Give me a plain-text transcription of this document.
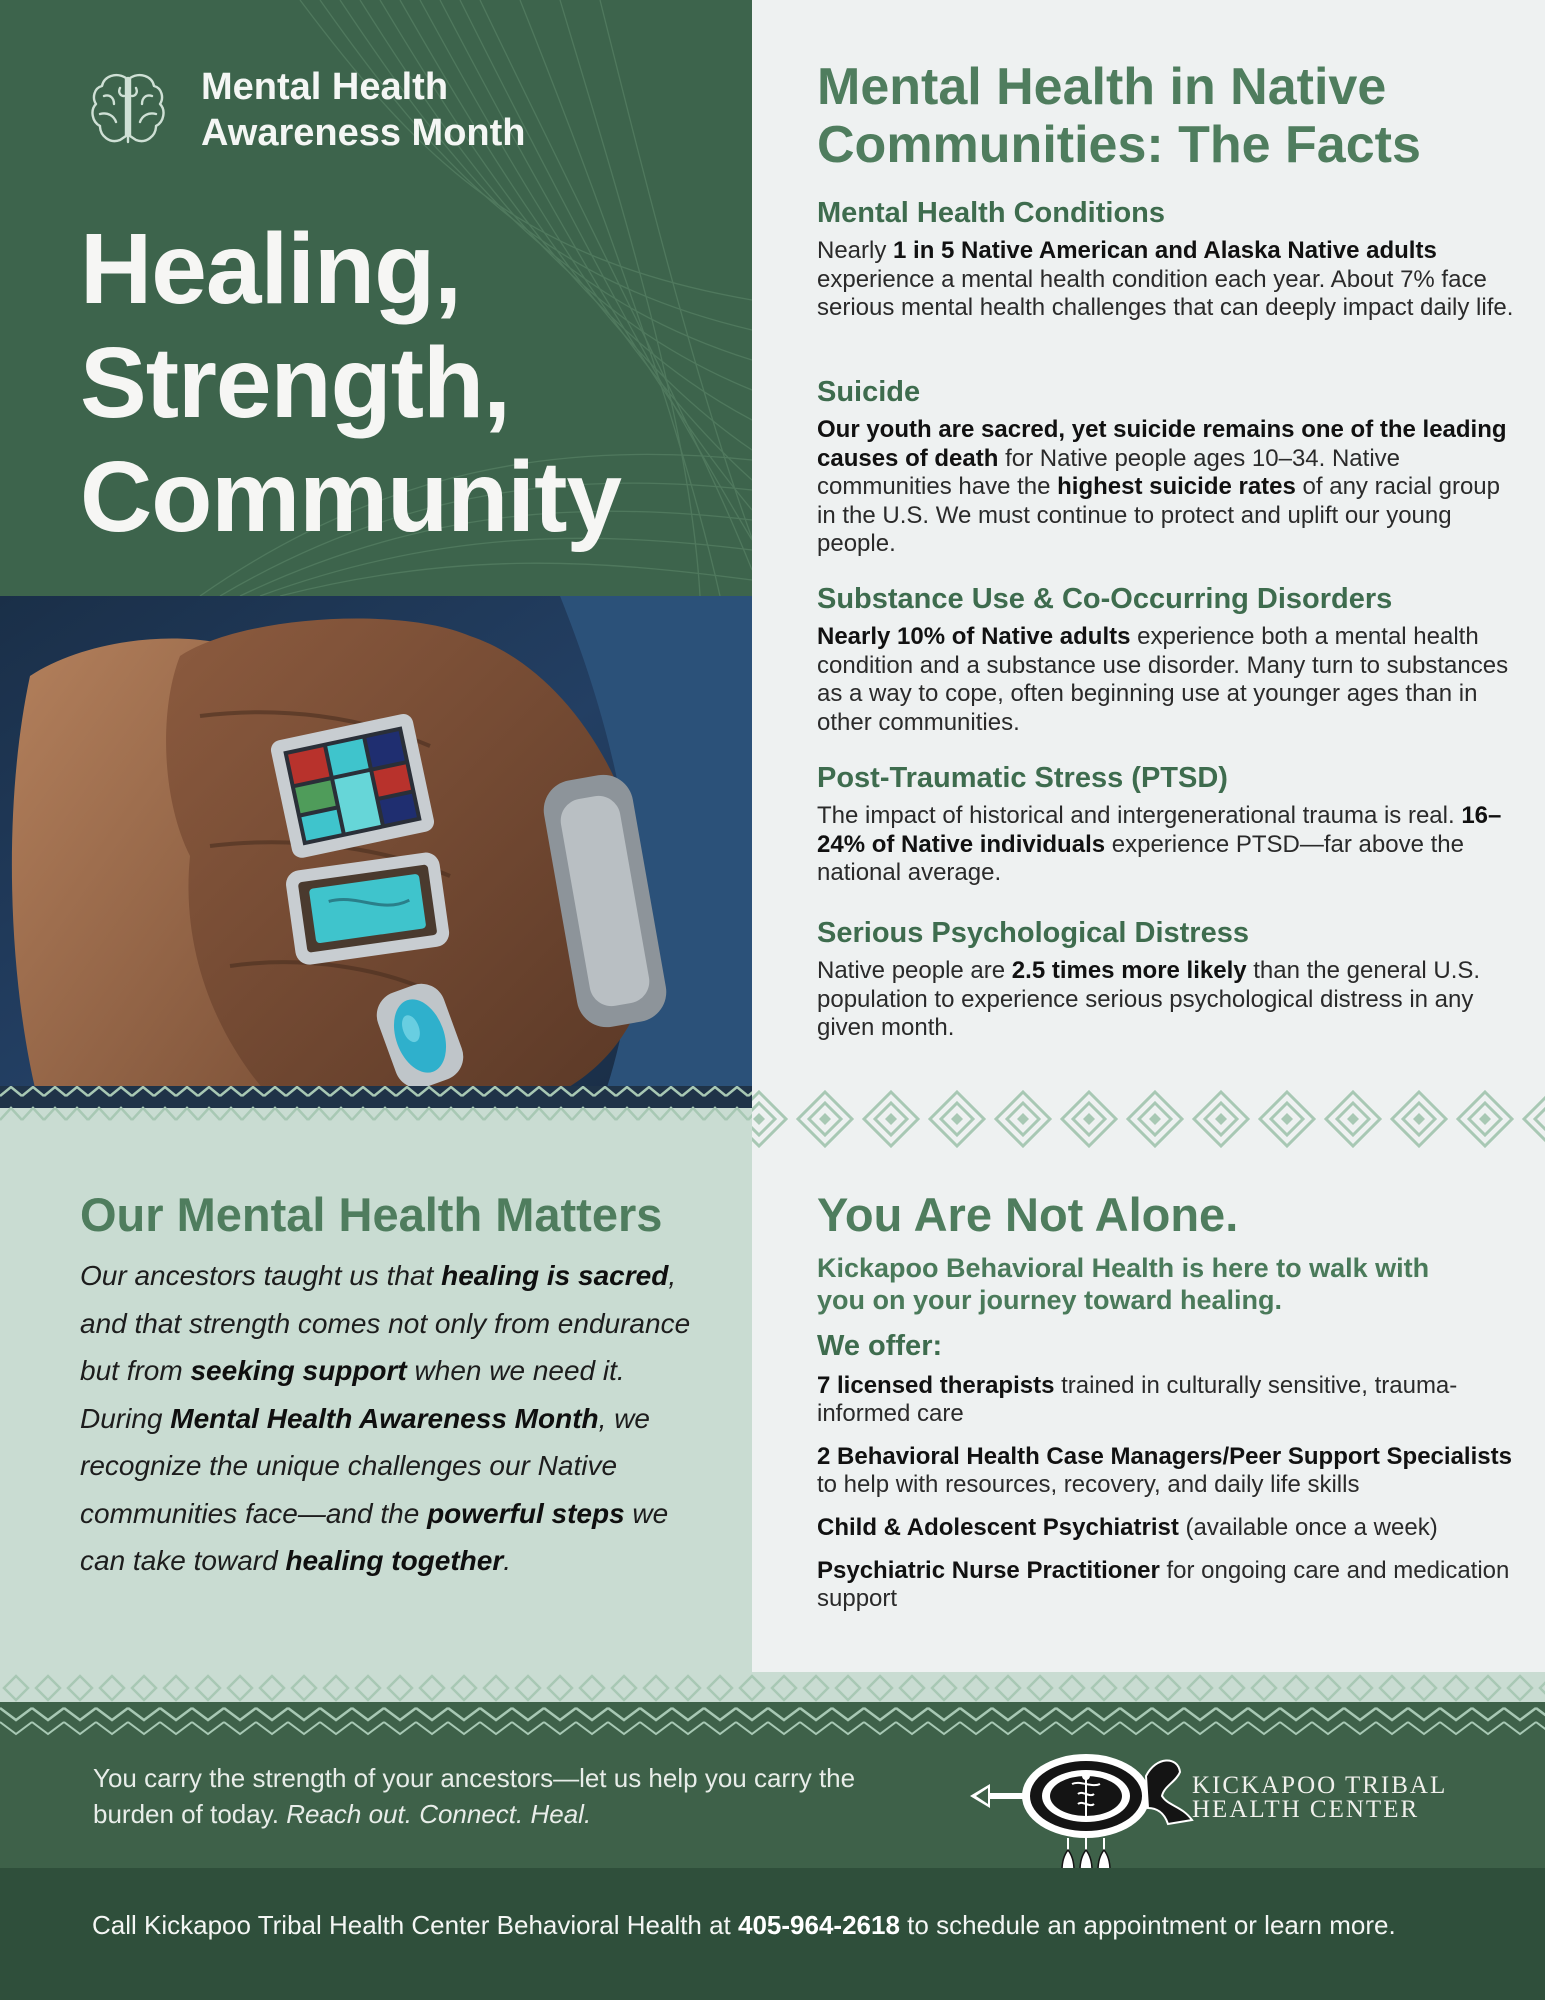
Mental Health
Awareness Month
Healing,
Strength,
Community
Mental Health in Native
Communities: The Facts
Mental Health Conditions

Nearly 1 in 5 Native American and Alaska Native adults experience a mental health condition each year. About 7% face serious mental health challenges that can deeply impact daily life.

Suicide

Our youth are sacred, yet suicide remains one of the leading causes of death for Native people ages 10–34. Native communities have the highest suicide rates of any racial group in the U.S. We must continue to protect and uplift our young people.

Substance Use & Co-Occurring Disorders

Nearly 10% of Native adults experience both a mental health condition and a substance use disorder. Many turn to substances as a way to cope, often beginning use at younger ages than in other communities.

Post-Traumatic Stress (PTSD)

The impact of historical and intergenerational trauma is real. 16–24% of Native individuals experience PTSD—far above the national average.

Serious Psychological Distress

Native people are 2.5 times more likely than the general U.S. population to experience serious psychological distress in any given month.

Our Mental Health Matters

Our ancestors taught us that healing is sacred, and that strength comes not only from endurance but from seeking support when we need it. During Mental Health Awareness Month, we recognize the unique challenges our Native communities face—and the powerful steps we can take toward healing together.

You Are Not Alone.

Kickapoo Behavioral Health is here to walk with you on your journey toward healing.

We offer:
7 licensed therapists trained in culturally sensitive, trauma-informed care
2 Behavioral Health Case Managers/Peer Support Specialists to help with resources, recovery, and daily life skills
Child & Adolescent Psychiatrist (available once a week)
Psychiatric Nurse Practitioner for ongoing care and medication support

You carry the strength of your ancestors—let us help you carry the burden of today. Reach out. Connect. Heal.

KICKAPOO TRIBAL
HEALTH CENTER

Call Kickapoo Tribal Health Center Behavioral Health at 405-964-2618 to schedule an appointment or learn more.
